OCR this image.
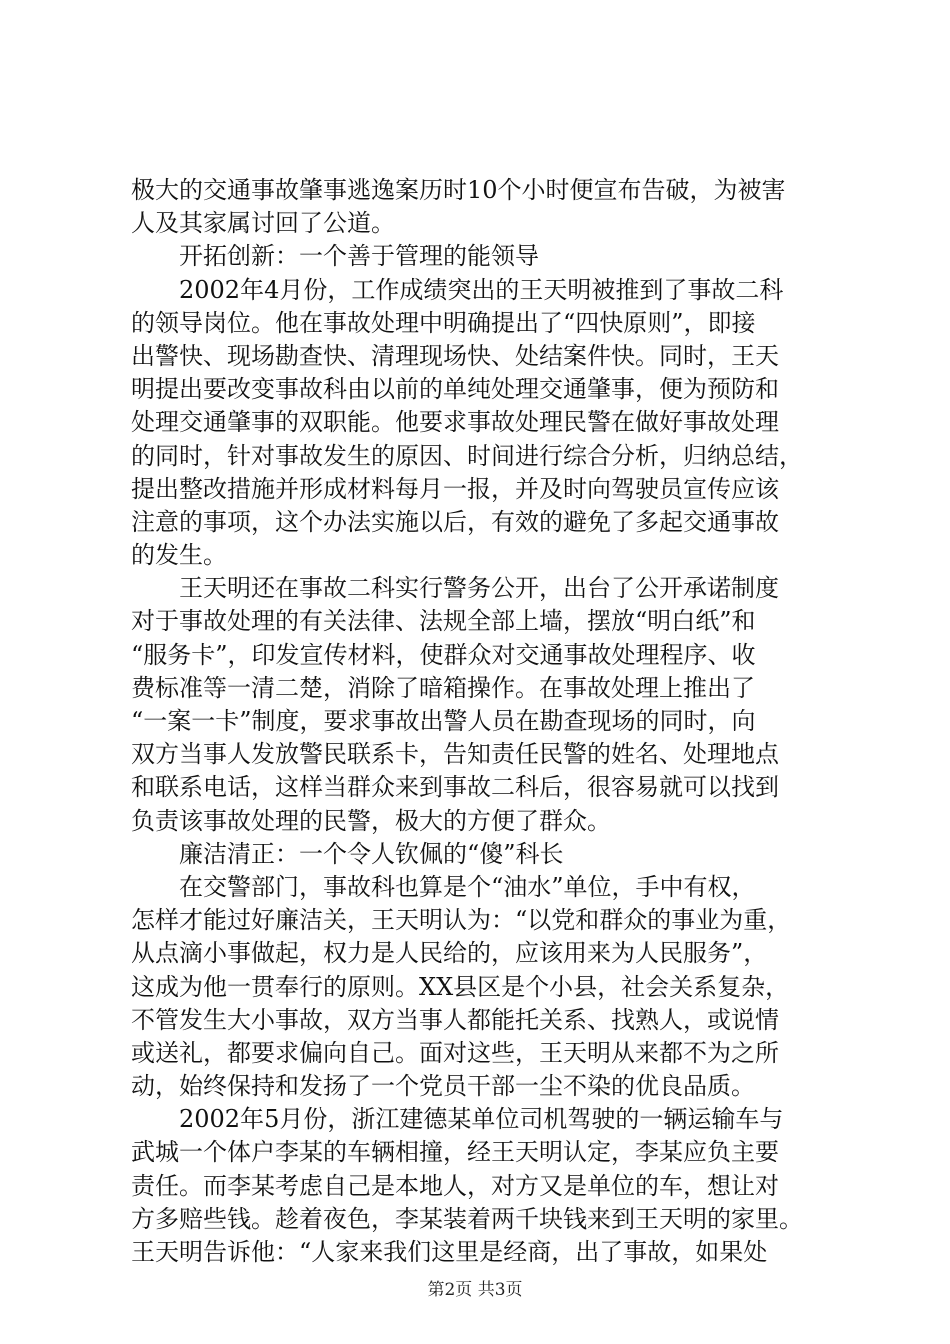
极大的交通事故肇事逃逸案历时10个小时便宣布告破，为被害
人及其家属讨回了公道。
开拓创新：一个善于管理的能领导
2002年4月份，工作成绩突出的王天明被推到了事故二科
的领导岗位。他在事故处理中明确提出了“四快原则”，即接
出警快、现场勘查快、清理现场快、处结案件快。同时，王天
明提出要改变事故科由以前的单纯处理交通肇事，便为预防和
处理交通肇事的双职能。他要求事故处理民警在做好事故处理
的同时，针对事故发生的原因、时间进行综合分析，归纳总结，
提出整改措施并形成材料每月一报，并及时向驾驶员宣传应该
注意的事项，这个办法实施以后，有效的避免了多起交通事故
的发生。
王天明还在事故二科实行警务公开，出台了公开承诺制度
对于事故处理的有关法律、法规全部上墙，摆放“明白纸”和
“服务卡”，印发宣传材料，使群众对交通事故处理程序、收
费标准等一清二楚，消除了暗箱操作。在事故处理上推出了
“一案一卡”制度，要求事故出警人员在勘查现场的同时，向
双方当事人发放警民联系卡，告知责任民警的姓名、处理地点
和联系电话，这样当群众来到事故二科后，很容易就可以找到
负责该事故处理的民警，极大的方便了群众。
廉洁清正：一个令人钦佩的“傻”科长
在交警部门，事故科也算是个“油水”单位，手中有权，
怎样才能过好廉洁关，王天明认为：“以党和群众的事业为重，
从点滴小事做起，权力是人民给的，应该用来为人民服务”，
这成为他一贯奉行的原则。XX县区是个小县，社会关系复杂，
不管发生大小事故，双方当事人都能托关系、找熟人，或说情
或送礼，都要求偏向自己。面对这些，王天明从来都不为之所
动，始终保持和发扬了一个党员干部一尘不染的优良品质。
2002年5月份，浙江建德某单位司机驾驶的一辆运输车与
武城一个体户李某的车辆相撞，经王天明认定，李某应负主要
责任。而李某考虑自己是本地人，对方又是单位的车，想让对
方多赔些钱。趁着夜色，李某装着两千块钱来到王天明的家里。
王天明告诉他：“人家来我们这里是经商，出了事故，如果处
第2页 共3页
